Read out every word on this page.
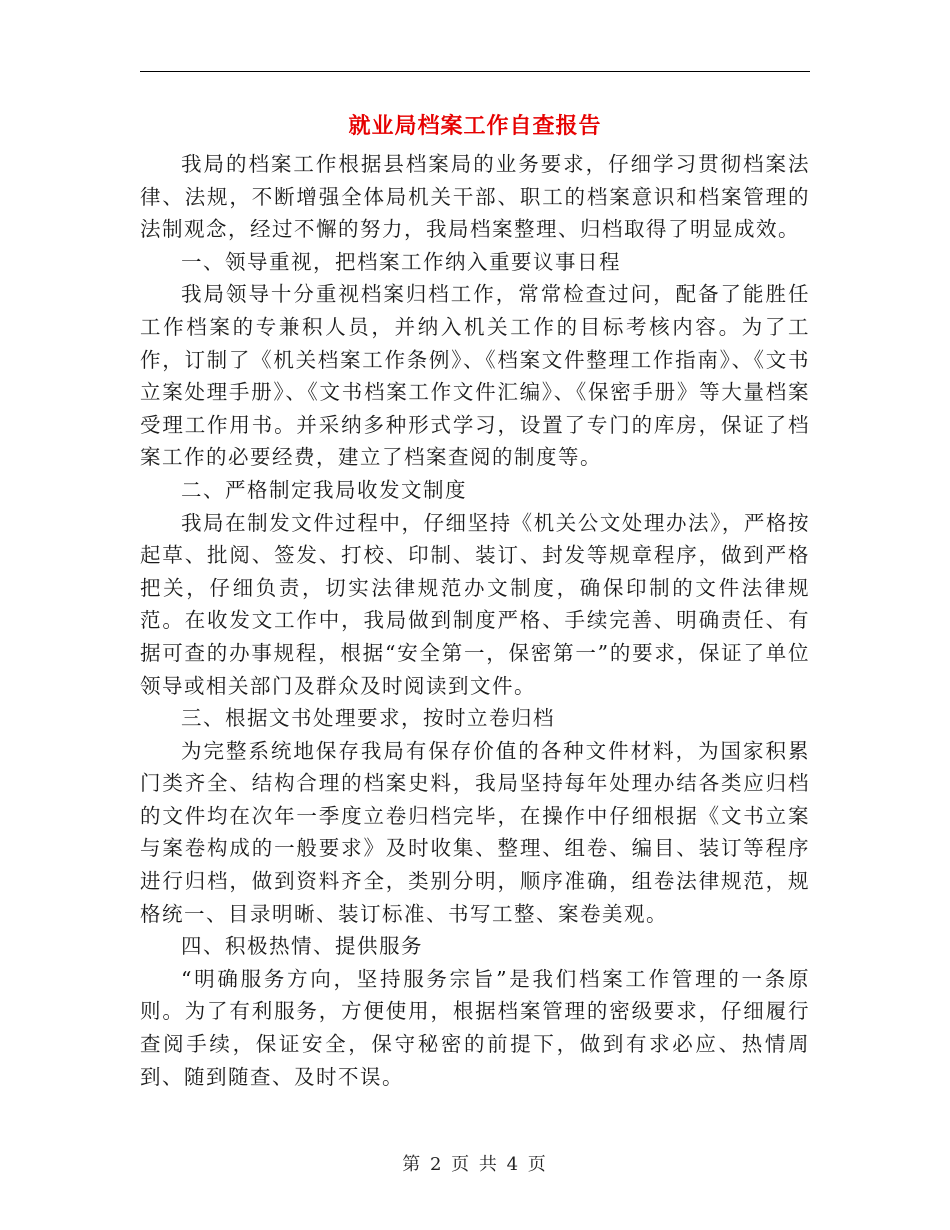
就业局档案工作自查报告

我局的档案工作根据县档案局的业务要求，仔细学习贯彻档案法律、法规，不断增强全体局机关干部、职工的档案意识和档案管理的法制观念，经过不懈的努力，我局档案整理、归档取得了明显成效。

一、领导重视，把档案工作纳入重要议事日程

我局领导十分重视档案归档工作，常常检查过问，配备了能胜任工作档案的专兼积人员，并纳入机关工作的目标考核内容。为了工作，订制了《机关档案工作条例》、《档案文件整理工作指南》、《文书立案处理手册》、《文书档案工作文件汇编》、《保密手册》等大量档案受理工作用书。并采纳多种形式学习，设置了专门的库房，保证了档案工作的必要经费，建立了档案查阅的制度等。

二、严格制定我局收发文制度

我局在制发文件过程中，仔细坚持《机关公文处理办法》，严格按起草、批阅、签发、打校、印制、装订、封发等规章程序，做到严格把关，仔细负责，切实法律规范办文制度，确保印制的文件法律规范。在收发文工作中，我局做到制度严格、手续完善、明确责任、有据可查的办事规程，根据“安全第一，保密第一”的要求，保证了单位领导或相关部门及群众及时阅读到文件。

三、根据文书处理要求，按时立卷归档

为完整系统地保存我局有保存价值的各种文件材料，为国家积累门类齐全、结构合理的档案史料，我局坚持每年处理办结各类应归档的文件均在次年一季度立卷归档完毕，在操作中仔细根据《文书立案与案卷构成的一般要求》及时收集、整理、组卷、编目、装订等程序进行归档，做到资料齐全，类别分明，顺序准确，组卷法律规范，规格统一、目录明晰、装订标准、书写工整、案卷美观。

四、积极热情、提供服务

“明确服务方向，坚持服务宗旨”是我们档案工作管理的一条原则。为了有利服务，方便使用，根据档案管理的密级要求，仔细履行查阅手续，保证安全，保守秘密的前提下，做到有求必应、热情周到、随到随查、及时不误。

第 2 页 共 4 页
